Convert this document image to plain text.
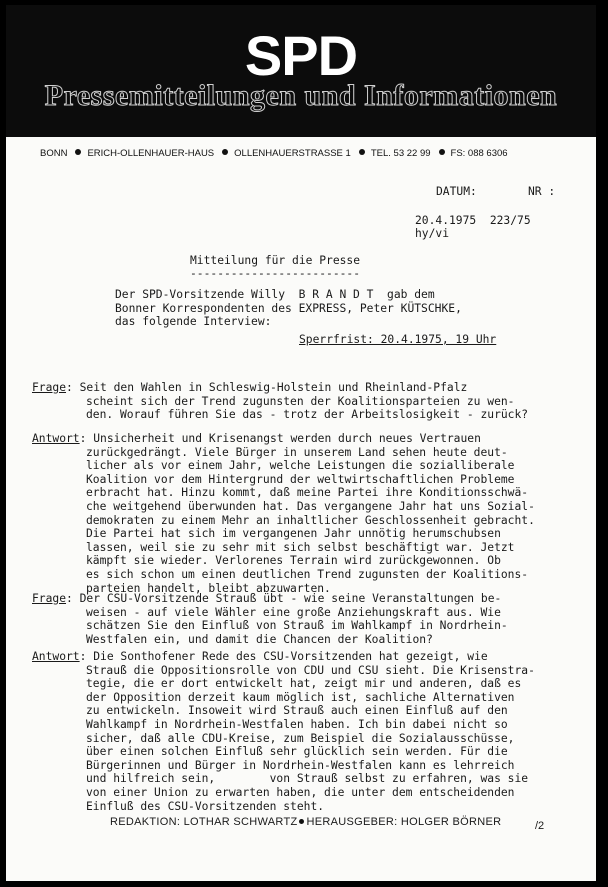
SPD
Pressemitteilungen und Informationen
BONN ERICH-OLLENHAUER-HAUS OLLENHAUERSTRASSE 1 TEL. 53 22 99 FS: 088 6306
DATUM:	NR :
20.4.1975 223/75
hy/vi
Mitteilung für die Presse
-------------------------
Der SPD-Vorsitzende Willy  B R A N D T  gab dem
Bonner Korrespondenten des EXPRESS, Peter KÜTSCHKE,
das folgende Interview:
Sperrfrist: 20.4.1975, 19 Uhr
Frage: Seit den Wahlen in Schleswig-Holstein und Rheinland-Pfalz
scheint sich der Trend zugunsten der Koalitionsparteien zu wen-
den. Worauf führen Sie das - trotz der Arbeitslosigkeit - zurück?
Antwort: Unsicherheit und Krisenangst werden durch neues Vertrauen
zurückgedrängt. Viele Bürger in unserem Land sehen heute deut-
licher als vor einem Jahr, welche Leistungen die sozialliberale
Koalition vor dem Hintergrund der weltwirtschaftlichen Probleme
erbracht hat. Hinzu kommt, daß meine Partei ihre Konditionsschwä-
che weitgehend überwunden hat. Das vergangene Jahr hat uns Sozial-
demokraten zu einem Mehr an inhaltlicher Geschlossenheit gebracht.
Die Partei hat sich im vergangenen Jahr unnötig herumschubsen
lassen, weil sie zu sehr mit sich selbst beschäftigt war. Jetzt
kämpft sie wieder. Verlorenes Terrain wird zurückgewonnen. Ob
es sich schon um einen deutlichen Trend zugunsten der Koalitions-
parteien handelt, bleibt abzuwarten.
Frage: Der CSU-Vorsitzende Strauß übt - wie seine Veranstaltungen be-
weisen - auf viele Wähler eine große Anziehungskraft aus. Wie
schätzen Sie den Einfluß von Strauß im Wahlkampf in Nordrhein-
Westfalen ein, und damit die Chancen der Koalition?
Antwort: Die Sonthofener Rede des CSU-Vorsitzenden hat gezeigt, wie
Strauß die Oppositionsrolle von CDU und CSU sieht. Die Krisenstra-
tegie, die er dort entwickelt hat, zeigt mir und anderen, daß es
der Opposition derzeit kaum möglich ist, sachliche Alternativen
zu entwickeln. Insoweit wird Strauß auch einen Einfluß auf den
Wahlkampf in Nordrhein-Westfalen haben. Ich bin dabei nicht so
sicher, daß alle CDU-Kreise, zum Beispiel die Sozialausschüsse,
über einen solchen Einfluß sehr glücklich sein werden. Für die
Bürgerinnen und Bürger in Nordrhein-Westfalen kann es lehrreich
und hilfreich sein,        von Strauß selbst zu erfahren, was sie
von einer Union zu erwarten haben, die unter dem entscheidenden
Einfluß des CSU-Vorsitzenden steht.
REDAKTION: LOTHAR SCHWARTZ HERAUSGEBER: HOLGER BÖRNER	/2
